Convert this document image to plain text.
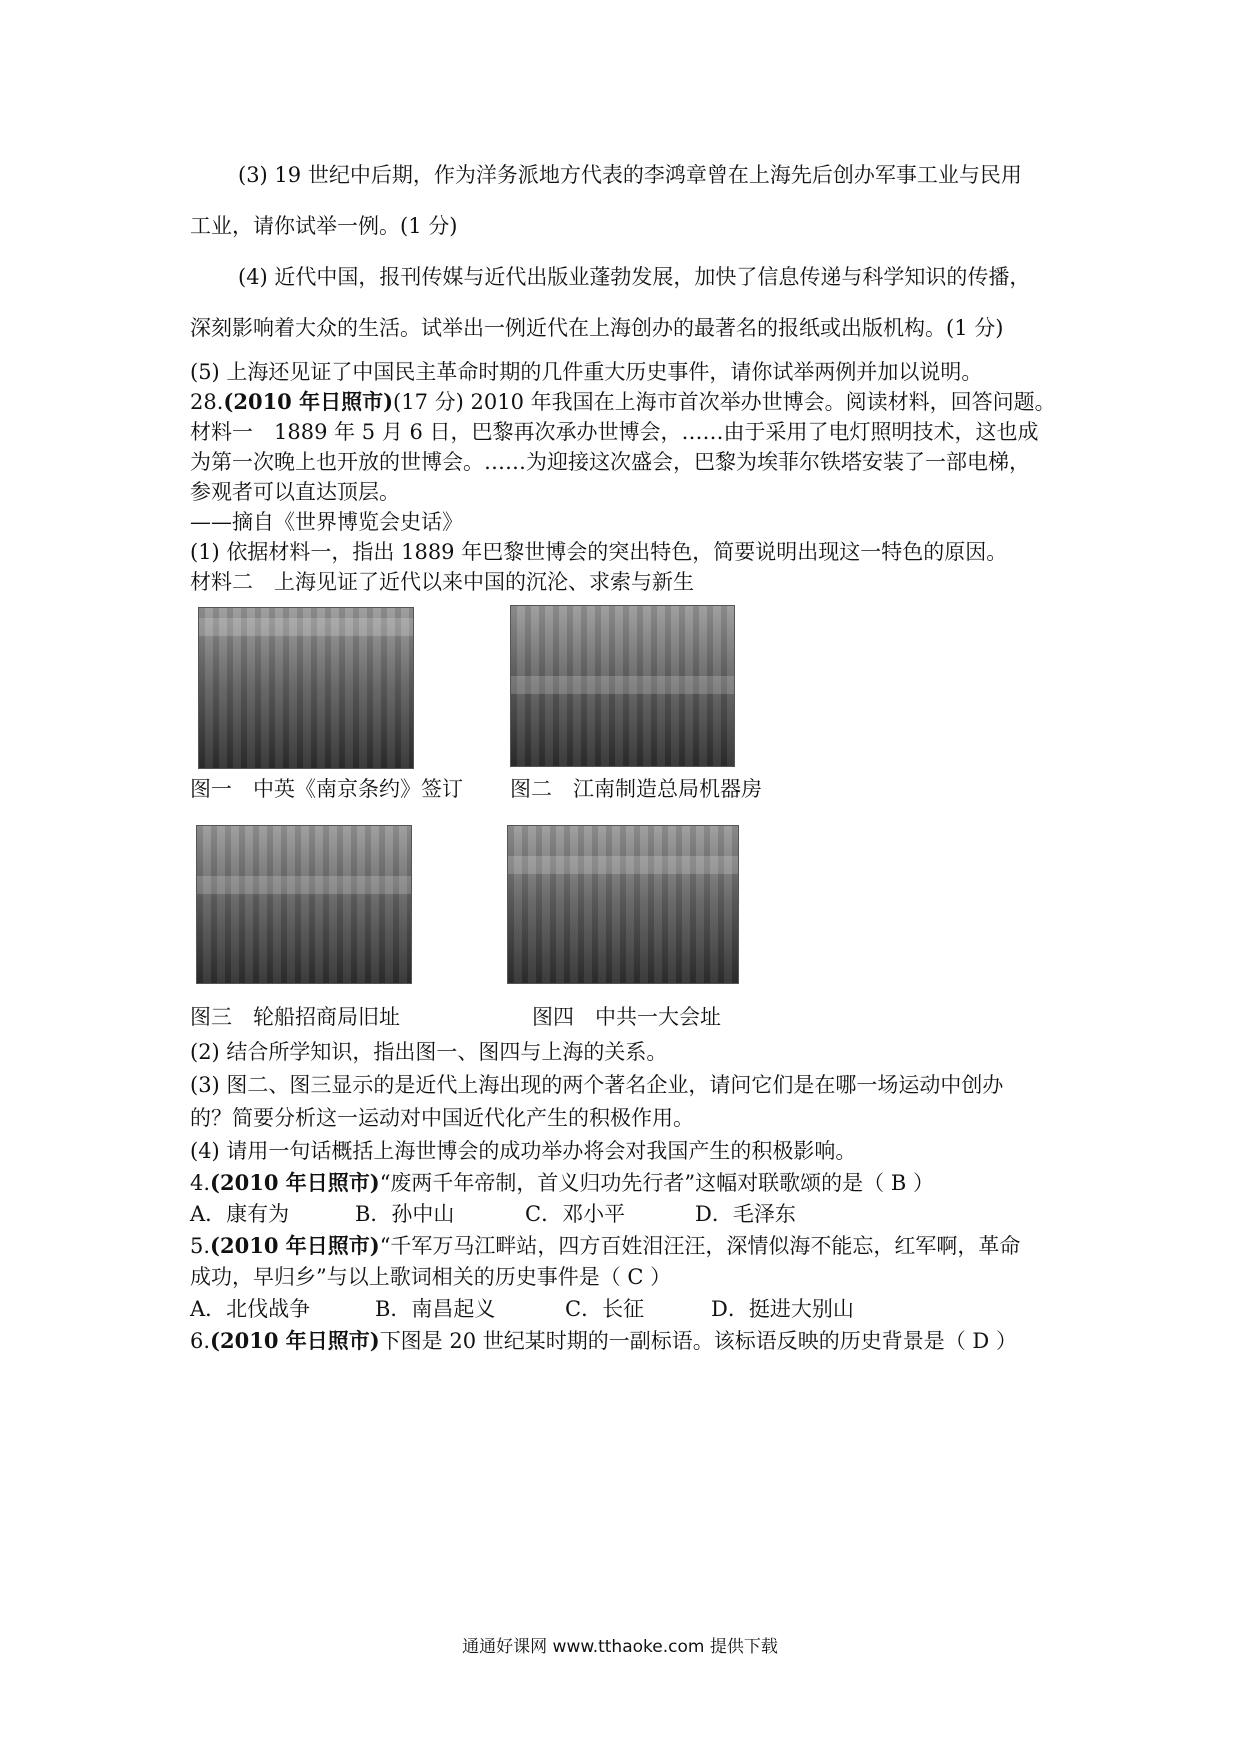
(3) 19 世纪中后期，作为洋务派地方代表的李鸿章曾在上海先后创办军事工业与民用
工业，请你试举一例。(1 分)
(4) 近代中国，报刊传媒与近代出版业蓬勃发展，加快了信息传递与科学知识的传播，
深刻影响着大众的生活。试举出一例近代在上海创办的最著名的报纸或出版机构。(1 分)
(5) 上海还见证了中国民主革命时期的几件重大历史事件，请你试举两例并加以说明。
28.(2010 年日照市)(17 分) 2010 年我国在上海市首次举办世博会。阅读材料，回答问题。
材料一　1889 年 5 月 6 日，巴黎再次承办世博会，……由于采用了电灯照明技术，这也成
为第一次晚上也开放的世博会。……为迎接这次盛会，巴黎为埃菲尔铁塔安装了一部电梯，
参观者可以直达顶层。
——摘自《世界博览会史话》
(1) 依据材料一，指出 1889 年巴黎世博会的突出特色，简要说明出现这一特色的原因。
材料二　上海见证了近代以来中国的沉沦、求索与新生
图一　中英《南京条约》签订 图二　江南制造总局机器房
图三　轮船招商局旧址	图四　中共一大会址
(2) 结合所学知识，指出图一、图四与上海的关系。
(3) 图二、图三显示的是近代上海出现的两个著名企业，请问它们是在哪一场运动中创办
的？简要分析这一运动对中国近代化产生的积极作用。
(4) 请用一句话概括上海世博会的成功举办将会对我国产生的积极影响。
4.(2010 年日照市)“废两千年帝制，首义归功先行者”这幅对联歌颂的是（ B ）
A．康有为	B．孙中山	C．邓小平	D．毛泽东
5.(2010 年日照市)“千军万马江畔站，四方百姓泪汪汪，深情似海不能忘，红军啊，革命
成功，早归乡”与以上歌词相关的历史事件是（ C ）
A．北伐战争	B．南昌起义	C．长征	D．挺进大别山
6.(2010 年日照市)下图是 20 世纪某时期的一副标语。该标语反映的历史背景是（ D ）
通通好课网 www.tthaoke.com 提供下载
